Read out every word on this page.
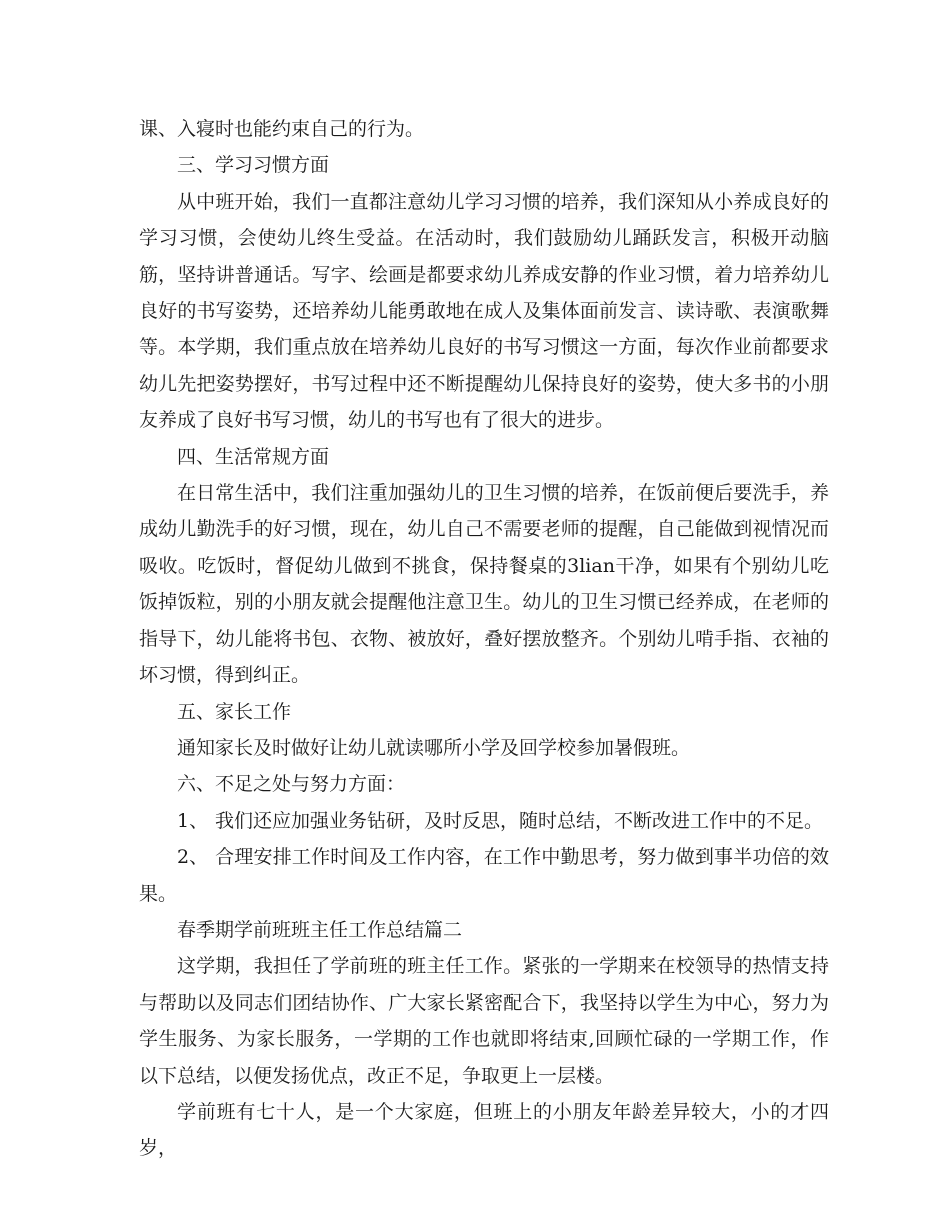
课、入寝时也能约束自己的行为。

三、学习习惯方面

从中班开始，我们一直都注意幼儿学习习惯的培养，我们深知从小养成良好的学习习惯，会使幼儿终生受益。在活动时，我们鼓励幼儿踊跃发言，积极开动脑筋，坚持讲普通话。写字、绘画是都要求幼儿养成安静的作业习惯，着力培养幼儿良好的书写姿势，还培养幼儿能勇敢地在成人及集体面前发言、读诗歌、表演歌舞等。本学期，我们重点放在培养幼儿良好的书写习惯这一方面，每次作业前都要求幼儿先把姿势摆好，书写过程中还不断提醒幼儿保持良好的姿势，使大多书的小朋友养成了良好书写习惯，幼儿的书写也有了很大的进步。

四、生活常规方面

在日常生活中，我们注重加强幼儿的卫生习惯的培养，在饭前便后要洗手，养成幼儿勤洗手的好习惯，现在，幼儿自己不需要老师的提醒，自己能做到视情况而吸收。吃饭时，督促幼儿做到不挑食，保持餐桌的3lian干净，如果有个别幼儿吃饭掉饭粒，别的小朋友就会提醒他注意卫生。幼儿的卫生习惯已经养成，在老师的指导下，幼儿能将书包、衣物、被放好，叠好摆放整齐。个别幼儿啃手指、衣袖的坏习惯，得到纠正。

五、家长工作

通知家长及时做好让幼儿就读哪所小学及回学校参加暑假班。

六、不足之处与努力方面：

1、 我们还应加强业务钻研，及时反思，随时总结，不断改进工作中的不足。

2、 合理安排工作时间及工作内容，在工作中勤思考，努力做到事半功倍的效果。

春季期学前班班主任工作总结篇二

这学期，我担任了学前班的班主任工作。紧张的一学期来在校领导的热情支持与帮助以及同志们团结协作、广大家长紧密配合下，我坚持以学生为中心，努力为学生服务、为家长服务，一学期的工作也就即将结束,回顾忙碌的一学期工作，作以下总结，以便发扬优点，改正不足，争取更上一层楼。

学前班有七十人，是一个大家庭，但班上的小朋友年龄差异较大，小的才四岁，
